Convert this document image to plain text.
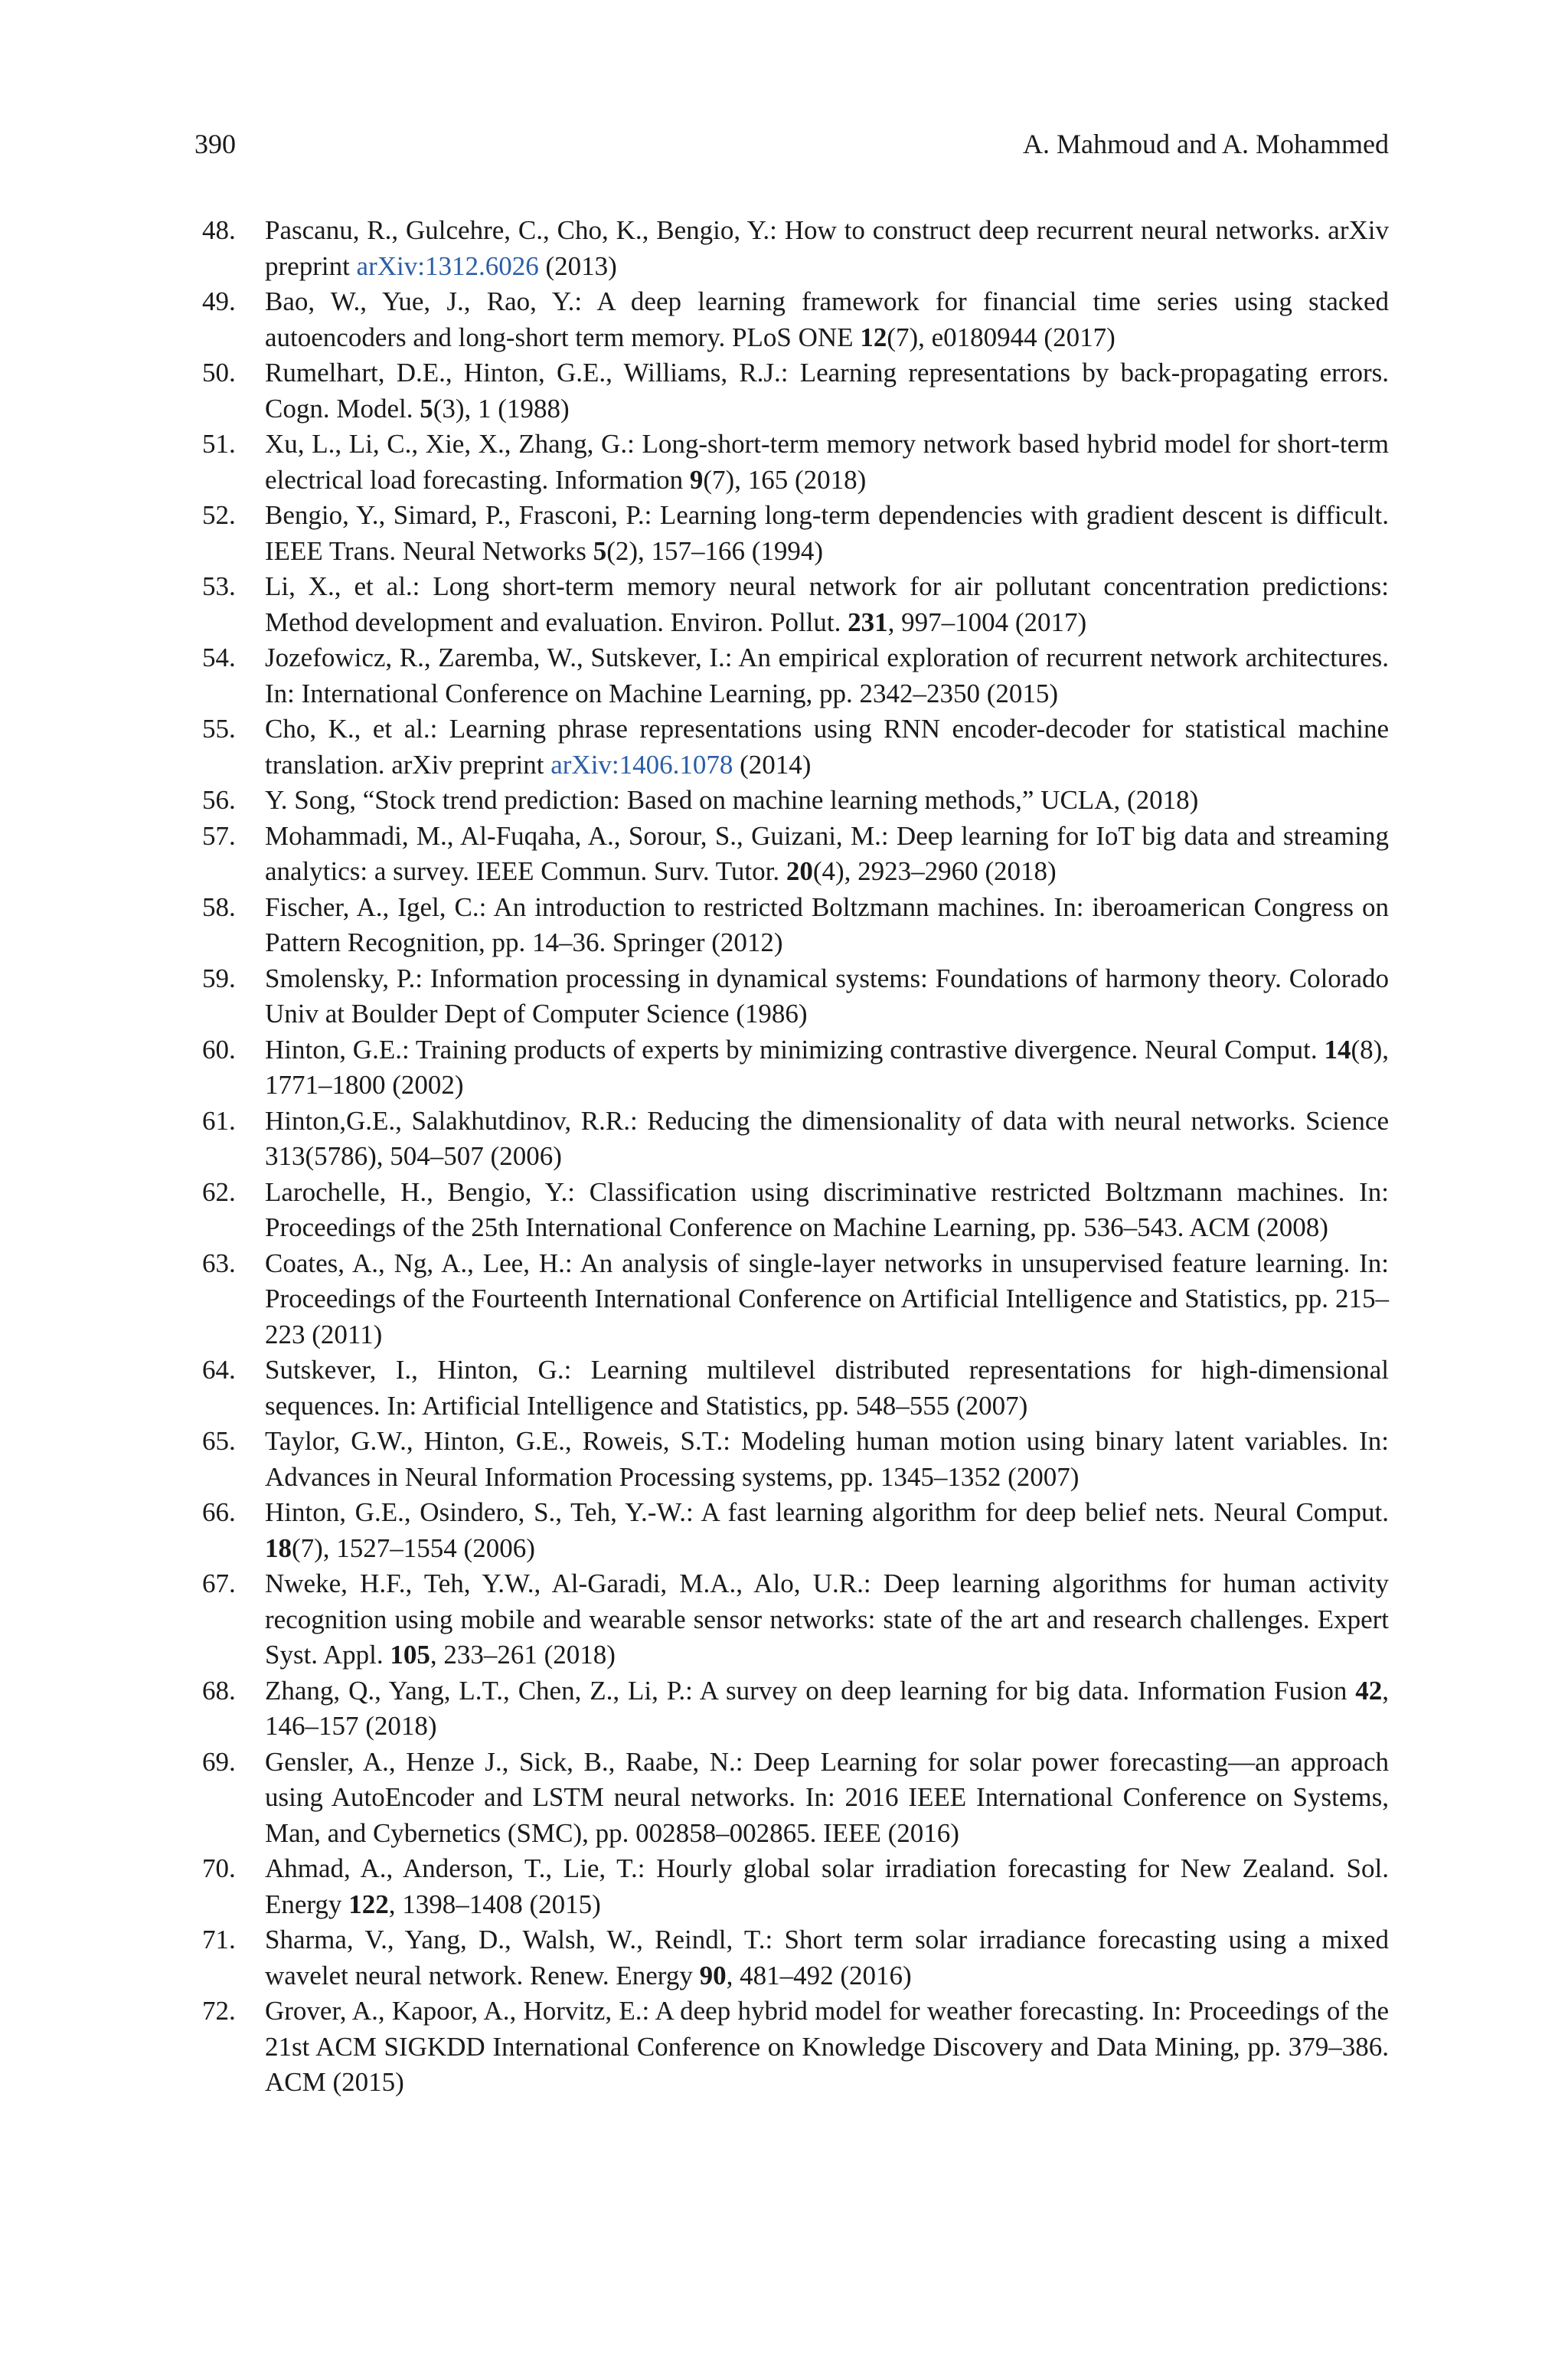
390	A. Mahmoud and A. Mohammed
48. Pascanu, R., Gulcehre, C., Cho, K., Bengio, Y.: How to construct deep recurrent neural networks. arXiv preprint arXiv:1312.6026 (2013)
49. Bao, W., Yue, J., Rao, Y.: A deep learning framework for financial time series using stacked autoencoders and long-short term memory. PLoS ONE 12(7), e0180944 (2017)
50. Rumelhart, D.E., Hinton, G.E., Williams, R.J.: Learning representations by back-propagating errors. Cogn. Model. 5(3), 1 (1988)
51. Xu, L., Li, C., Xie, X., Zhang, G.: Long-short-term memory network based hybrid model for short-term electrical load forecasting. Information 9(7), 165 (2018)
52. Bengio, Y., Simard, P., Frasconi, P.: Learning long-term dependencies with gradient descent is difficult. IEEE Trans. Neural Networks 5(2), 157–166 (1994)
53. Li, X., et al.: Long short-term memory neural network for air pollutant concentration predictions: Method development and evaluation. Environ. Pollut. 231, 997–1004 (2017)
54. Jozefowicz, R., Zaremba, W., Sutskever, I.: An empirical exploration of recurrent network architectures. In: International Conference on Machine Learning, pp. 2342–2350 (2015)
55. Cho, K., et al.: Learning phrase representations using RNN encoder-decoder for statistical machine translation. arXiv preprint arXiv:1406.1078 (2014)
56. Y. Song, “Stock trend prediction: Based on machine learning methods,” UCLA, (2018)
57. Mohammadi, M., Al-Fuqaha, A., Sorour, S., Guizani, M.: Deep learning for IoT big data and streaming analytics: a survey. IEEE Commun. Surv. Tutor. 20(4), 2923–2960 (2018)
58. Fischer, A., Igel, C.: An introduction to restricted Boltzmann machines. In: iberoamerican Congress on Pattern Recognition, pp. 14–36. Springer (2012)
59. Smolensky, P.: Information processing in dynamical systems: Foundations of harmony theory. Colorado Univ at Boulder Dept of Computer Science (1986)
60. Hinton, G.E.: Training products of experts by minimizing contrastive divergence. Neural Comput. 14(8), 1771–1800 (2002)
61. Hinton,G.E., Salakhutdinov, R.R.: Reducing the dimensionality of data with neural networks. Science 313(5786), 504–507 (2006)
62. Larochelle, H., Bengio, Y.: Classification using discriminative restricted Boltzmann machines. In: Proceedings of the 25th International Conference on Machine Learning, pp. 536–543. ACM (2008)
63. Coates, A., Ng, A., Lee, H.: An analysis of single-layer networks in unsupervised feature learning. In: Proceedings of the Fourteenth International Conference on Artificial Intelligence and Statistics, pp. 215–223 (2011)
64. Sutskever, I., Hinton, G.: Learning multilevel distributed representations for high-dimensional sequences. In: Artificial Intelligence and Statistics, pp. 548–555 (2007)
65. Taylor, G.W., Hinton, G.E., Roweis, S.T.: Modeling human motion using binary latent variables. In: Advances in Neural Information Processing systems, pp. 1345–1352 (2007)
66. Hinton, G.E., Osindero, S., Teh, Y.-W.: A fast learning algorithm for deep belief nets. Neural Comput. 18(7), 1527–1554 (2006)
67. Nweke, H.F., Teh, Y.W., Al-Garadi, M.A., Alo, U.R.: Deep learning algorithms for human activity recognition using mobile and wearable sensor networks: state of the art and research challenges. Expert Syst. Appl. 105, 233–261 (2018)
68. Zhang, Q., Yang, L.T., Chen, Z., Li, P.: A survey on deep learning for big data. Information Fusion 42, 146–157 (2018)
69. Gensler, A., Henze J., Sick, B., Raabe, N.: Deep Learning for solar power forecasting—an approach using AutoEncoder and LSTM neural networks. In: 2016 IEEE International Conference on Systems, Man, and Cybernetics (SMC), pp. 002858–002865. IEEE (2016)
70. Ahmad, A., Anderson, T., Lie, T.: Hourly global solar irradiation forecasting for New Zealand. Sol. Energy 122, 1398–1408 (2015)
71. Sharma, V., Yang, D., Walsh, W., Reindl, T.: Short term solar irradiance forecasting using a mixed wavelet neural network. Renew. Energy 90, 481–492 (2016)
72. Grover, A., Kapoor, A., Horvitz, E.: A deep hybrid model for weather forecasting. In: Proceedings of the 21st ACM SIGKDD International Conference on Knowledge Discovery and Data Mining, pp. 379–386. ACM (2015)
